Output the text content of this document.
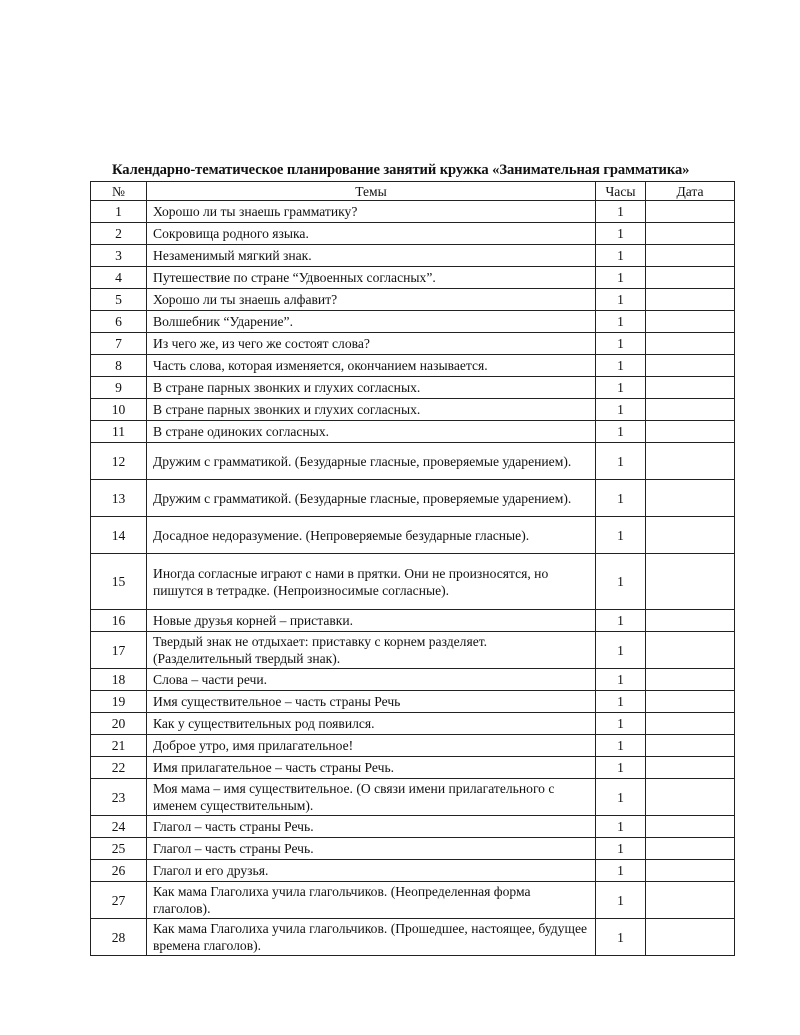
Календарно-тематическое планирование занятий кружка «Занимательная грамматика»
№	Темы	Часы	Дата
1	Хорошо ли ты знаешь грамматику?	1	
2	Сокровища родного языка.	1	
3	Незаменимый мягкий знак.	1	
4	Путешествие по стране “Удвоенных согласных”.	1	
5	Хорошо ли ты знаешь алфавит?	1	
6	Волшебник “Ударение”.	1	
7	Из чего же, из чего же состоят слова?	1	
8	Часть слова, которая изменяется, окончанием называется.	1	
9	В стране парных звонких и глухих согласных.	1	
10	В стране парных звонких и глухих согласных.	1	
11	В стране одиноких согласных.	1	
12	Дружим с грамматикой. (Безударные гласные, проверяемые ударением).	1	
13	Дружим с грамматикой. (Безударные гласные, проверяемые ударением).	1	
14	Досадное недоразумение. (Непроверяемые безударные гласные).	1	
15	Иногда согласные играют с нами в прятки. Они не произносятся, но пишутся в тетрадке. (Непроизносимые согласные).	1	
16	Новые друзья корней – приставки.	1	
17	Твердый знак не отдыхает: приставку с корнем разделяет. (Разделительный твердый знак).	1	
18	Слова – части речи.	1	
19	Имя существительное – часть страны Речь	1	
20	Как у существительных род появился.	1	
21	Доброе утро, имя прилагательное!	1	
22	Имя прилагательное – часть страны Речь.	1	
23	Моя мама – имя существительное. (О связи имени прилагательного с именем существительным).	1	
24	Глагол – часть страны Речь.	1	
25	Глагол – часть страны Речь.	1	
26	Глагол и его друзья.	1	
27	Как мама Глаголиха учила глагольчиков. (Неопределенная форма глаголов).	1	
28	Как мама Глаголиха учила глагольчиков. (Прошедшее, настоящее, будущее времена глаголов).	1	
